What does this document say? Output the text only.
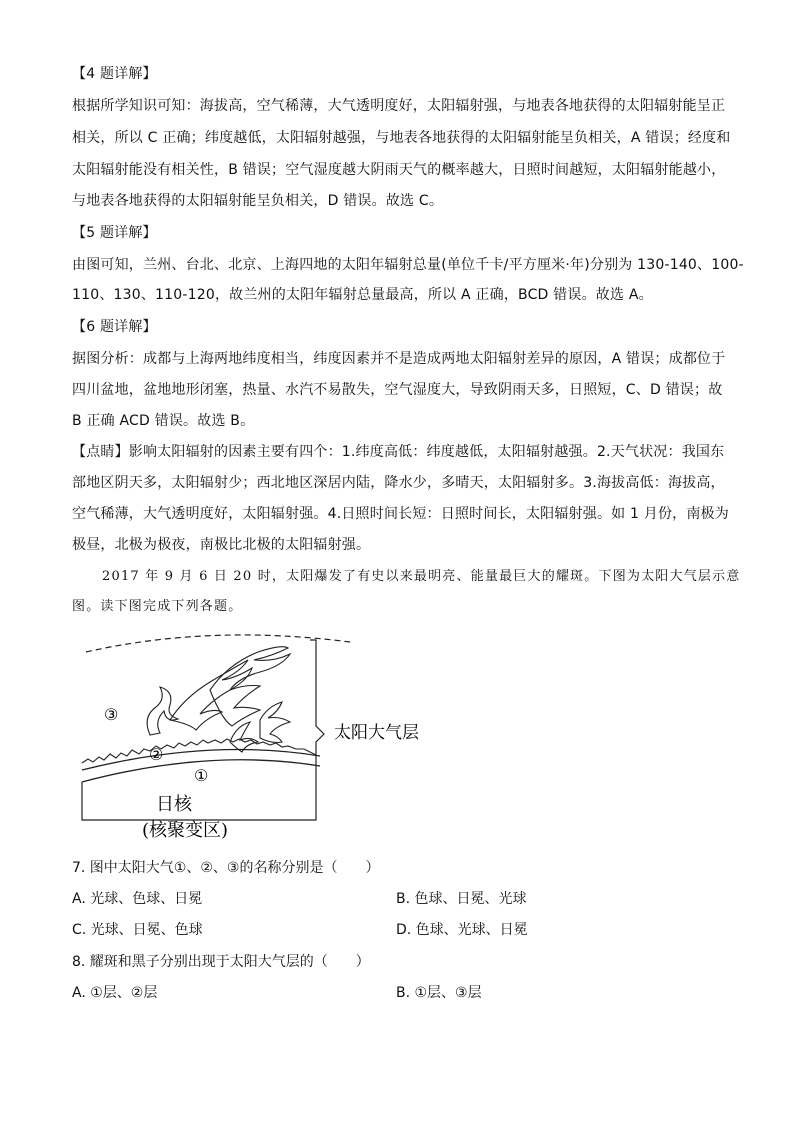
【4 题详解】
根据所学知识可知：海拔高，空气稀薄，大气透明度好，太阳辐射强，与地表各地获得的太阳辐射能呈正
相关，所以 C 正确；纬度越低，太阳辐射越强，与地表各地获得的太阳辐射能呈负相关，A 错误；经度和
太阳辐射能没有相关性，B 错误；空气湿度越大阴雨天气的概率越大，日照时间越短，太阳辐射能越小，
与地表各地获得的太阳辐射能呈负相关，D 错误。故选 C。
【5 题详解】
由图可知，兰州、台北、北京、上海四地的太阳年辐射总量(单位千卡/平方厘米·年)分别为 130-140、100-
110、130、110-120，故兰州的太阳年辐射总量最高，所以 A 正确，BCD 错误。故选 A。
【6 题详解】
据图分析：成都与上海两地纬度相当，纬度因素并不是造成两地太阳辐射差异的原因，A 错误；成都位于
四川盆地，盆地地形闭塞，热量、水汽不易散失，空气湿度大，导致阴雨天多，日照短，C、D 错误；故
B 正确 ACD 错误。故选 B。
【点睛】影响太阳辐射的因素主要有四个：1.纬度高低：纬度越低，太阳辐射越强。2.天气状况：我国东
部地区阴天多，太阳辐射少；西北地区深居内陆，降水少，多晴天，太阳辐射多。3.海拔高低：海拔高，
空气稀薄，大气透明度好，太阳辐射强。4.日照时间长短：日照时间长，太阳辐射强。如 1 月份，南极为
极昼，北极为极夜，南极比北极的太阳辐射强。
2017 年 9 月 6 日 20 时，太阳爆发了有史以来最明亮、能量最巨大的耀斑。下图为太阳大气层示意
图。读下图完成下列各题。
③
②
①
太阳大气层
日核
(核聚变区)
7. 图中太阳大气①、②、③的名称分别是（　　）
A. 光球、色球、日冕	B. 色球、日冕、光球
C. 光球、日冕、色球	D. 色球、光球、日冕
8. 耀斑和黑子分别出现于太阳大气层的（　　）
A. ①层、②层	B. ①层、③层
